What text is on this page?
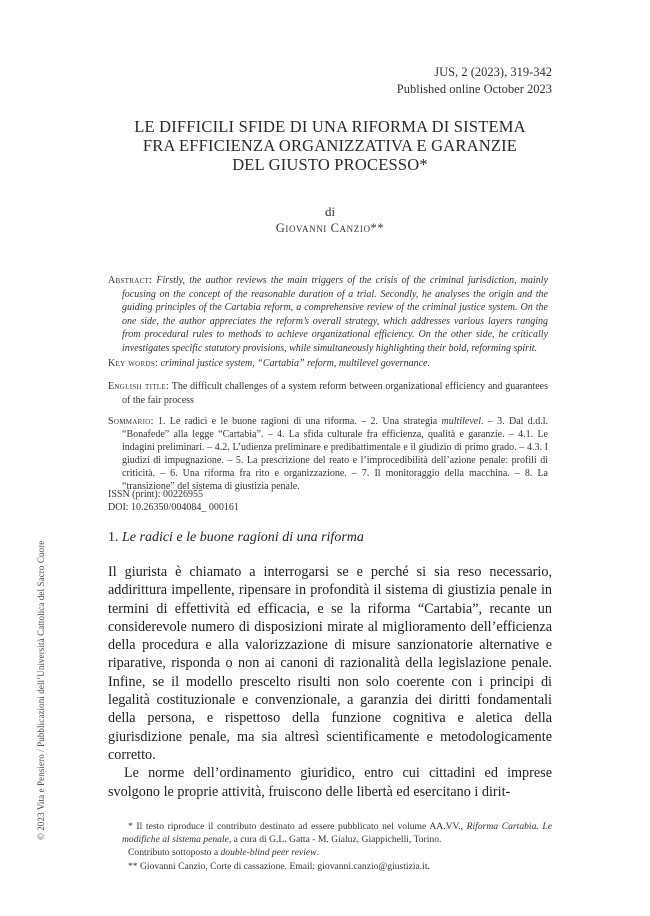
JUS, 2 (2023), 319-342
Published online October 2023
LE DIFFICILI SFIDE DI UNA RIFORMA DI SISTEMA
FRA EFFICIENZA ORGANIZZATIVA E GARANZIE
DEL GIUSTO PROCESSO*
di
Giovanni Canzio**

Abstract: Firstly, the author reviews the main triggers of the crisis of the criminal jurisdiction, mainly focusing on the concept of the reasonable duration of a trial. Secondly, he analyses the origin and the guiding principles of the Cartabia reform, a comprehensive review of the criminal justice system. On the one side, the author appreciates the reform’s overall strategy, which addresses various layers ranging from procedural rules to methods to achieve organizational efficiency. On the other side, he critically investigates specific statutory provisions, while simultaneously highlighting their bold, reforming spirit.

Key words: criminal justice system, “Cartabia” reform, multilevel governance.

English title: The difficult challenges of a system reform between organizational efficiency and guarantees of the fair process

Sommario: 1. Le radici e le buone ragioni di una riforma. – 2. Una strategia multilevel. – 3. Dal d.d.l. “Bonafede” alla legge “Cartabia”. – 4. La sfida culturale fra efficienza, qualità e garanzie. – 4.1. Le indagini preliminari. – 4.2. L’udienza preliminare e predibattimentale e il giudizio di primo grado. – 4.3. I giudizi di impugnazione. – 5. La prescrizione del reato e l’improcedibilità dell’azione penale: profili di criticità. – 6. Una riforma fra rito e organizzazione. – 7. Il monitoraggio della macchina. – 8. La “transizione” del sistema di giustizia penale.

ISSN (print): 00226955
DOI: 10.26350/004084_ 000161
© 2023 Vita e Pensiero / Pubblicazioni dell’Università Cattolica del Sacro Cuore
1. Le radici e le buone ragioni di una riforma

Il giurista è chiamato a interrogarsi se e perché si sia reso necessario, addirittura impellente, ripensare in profondità il sistema di giustizia penale in termini di effettività ed efficacia, e se la riforma “Cartabia”, recante un considerevole numero di disposizioni mirate al miglioramento dell’efficienza della procedura e alla valorizzazione di misure sanzionatorie alternative e riparative, risponda o non ai canoni di razionalità della legislazione penale. Infine, se il modello prescelto risulti non solo coerente con i principi di legalità costituzionale e convenzionale, a garanzia dei diritti fondamentali della persona, e rispettoso della funzione cognitiva e aletica della giurisdizione penale, ma sia altresì scientificamente e metodologicamente corretto.

Le norme dell’ordinamento giuridico, entro cui cittadini ed imprese svolgono le proprie attività, fruiscono delle libertà ed esercitano i dirit-

* Il testo riproduce il contributo destinato ad essere pubblicato nel volume AA.VV., Riforma Cartabia. Le modifiche al sistema penale, a cura di G.L. Gatta - M. Gialuz, Giappichelli, Torino.

Contributo sottoposto a double-blind peer review.

** Giovanni Canzio, Corte di cassazione. Email: giovanni.canzio@giustizia.it.
